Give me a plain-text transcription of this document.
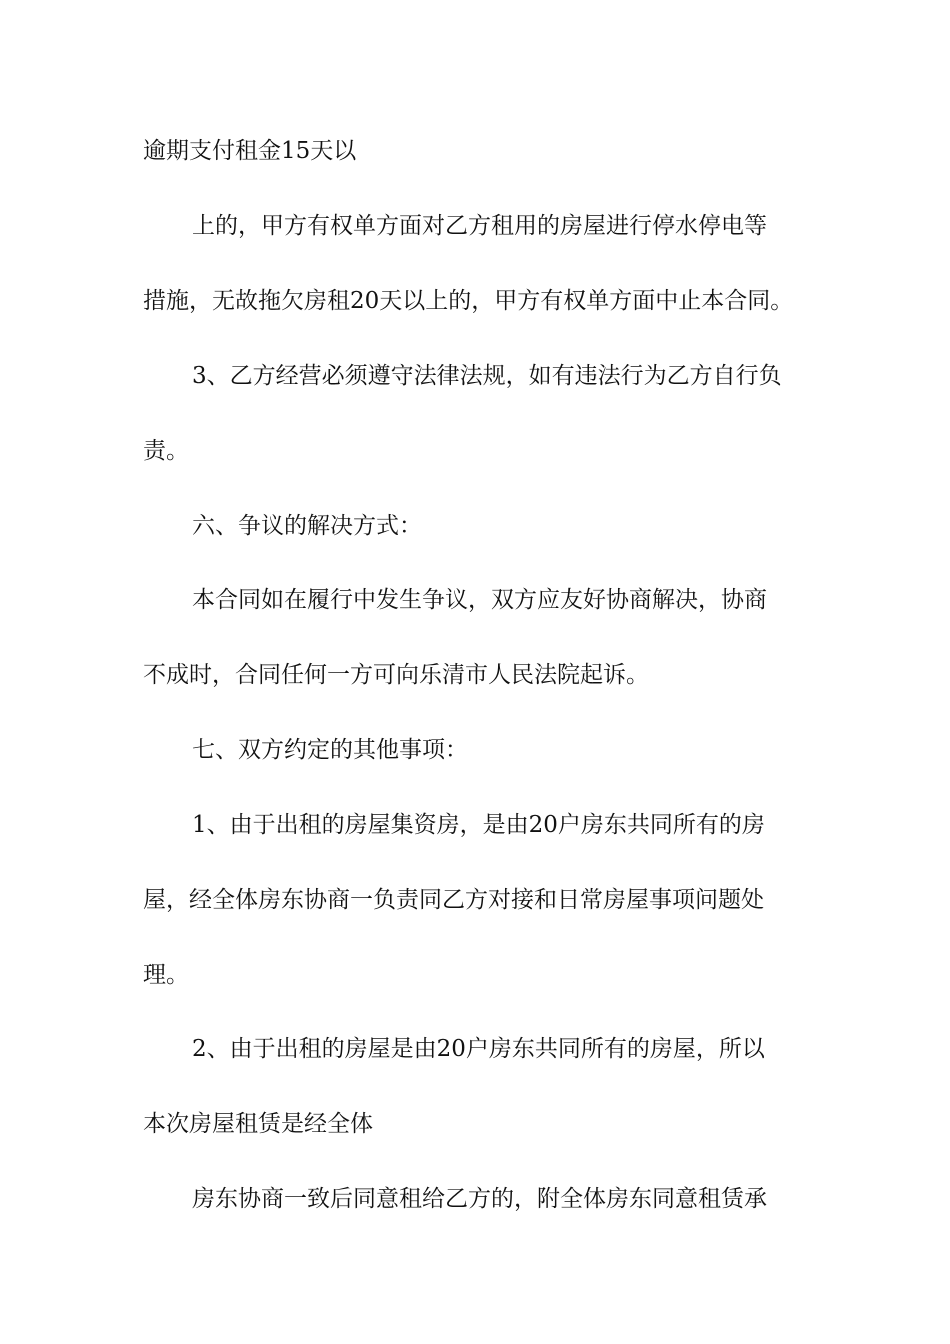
逾期支付租金15天以
上的，甲方有权单方面对乙方租用的房屋进行停水停电等
措施，无故拖欠房租20天以上的，甲方有权单方面中止本合同。
3、乙方经营必须遵守法律法规，如有违法行为乙方自行负
责。
六、争议的解决方式：
本合同如在履行中发生争议，双方应友好协商解决，协商
不成时，合同任何一方可向乐清市人民法院起诉。
七、双方约定的其他事项：
1、由于出租的房屋集资房，是由20户房东共同所有的房
屋，经全体房东协商一负责同乙方对接和日常房屋事项问题处
理。
2、由于出租的房屋是由20户房东共同所有的房屋，所以
本次房屋租赁是经全体
房东协商一致后同意租给乙方的，附全体房东同意租赁承
